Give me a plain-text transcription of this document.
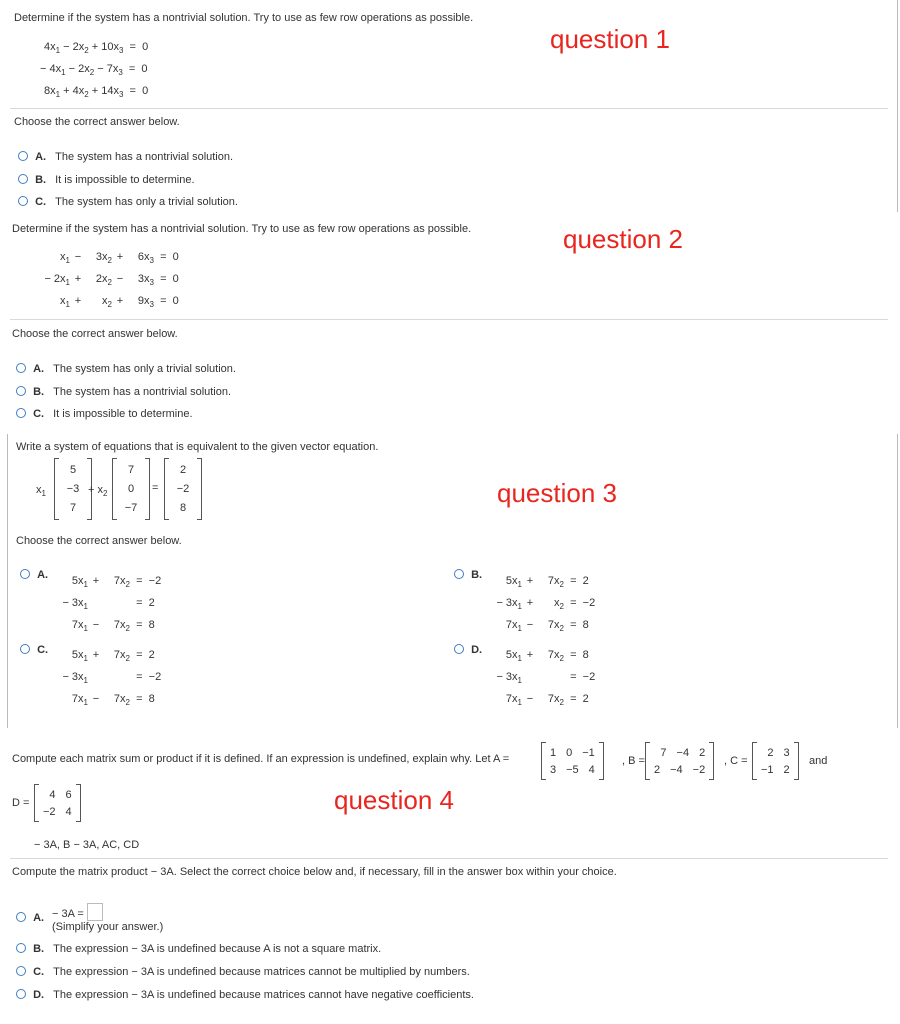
Determine if the system has a nontrivial solution. Try to use as few row operations as possible.
question 1
$4x_1 - 2x_2 + 10x_3 = 0$
− $4x_1 - 2x_2 - 7x_3 = 0$
$8x_1 + 4x_2 + 14x_3 = 0$
Choose the correct answer below.
A. The system has a nontrivial solution.
B. It is impossible to determine.
C. The system has only a trivial solution.
Determine if the system has a nontrivial solution. Try to use as few row operations as possible.	question 2
$x_1 - 3x_2 + 6x_3 = 0$
− $2x_1 + 2x_2 - 3x_3 = 0$
$x_1 + x_2 + 9x_3 = 0$
Choose the correct answer below.
A. The system has only a trivial solution.
B. The system has a nontrivial solution.
C. It is impossible to determine.
Write a system of equations that is equivalent to the given vector equation.
question 3
$x_1$
5
−3
7
+ $x_2$
7
0
−7
=
2
−2
8
Choose the correct answer below.
A.	$5x_1 + 7x_2 = -2$
− $3x_1$	=  2
$7x_1 - 7x_2 = 8$
B.	$5x_1 + 7x_2 = 2$
− $3x_1 + x_2 = -2$
$7x_1 - 7x_2 = 8$
C.	$5x_1 + 7x_2 = 2$
− $3x_1$	=  −2
$7x_1 - 7x_2 = 8$
D.	$5x_1 + 7x_2 = 8$
− $3x_1$	=  −2
$7x_1 - 7x_2 = 2$
Compute each matrix sum or product if it is defined. If an expression is undefined, explain why. Let A =
1 0 −1
3 −5 4
, B =
7 −4 2
2 −4 −2
, C =
2 3
−1 2
and
D =
4 6
−2 4	question 4
− 3A, B − 3A, AC, CD
Compute the matrix product − 3A. Select the correct choice below and, if necessary, fill in the answer box within your choice.
A. − 3A =
(Simplify your answer.)
B. The expression − 3A is undefined because A is not a square matrix.
C. The expression − 3A is undefined because matrices cannot be multiplied by numbers.
D. The expression − 3A is undefined because matrices cannot have negative coefficients.
